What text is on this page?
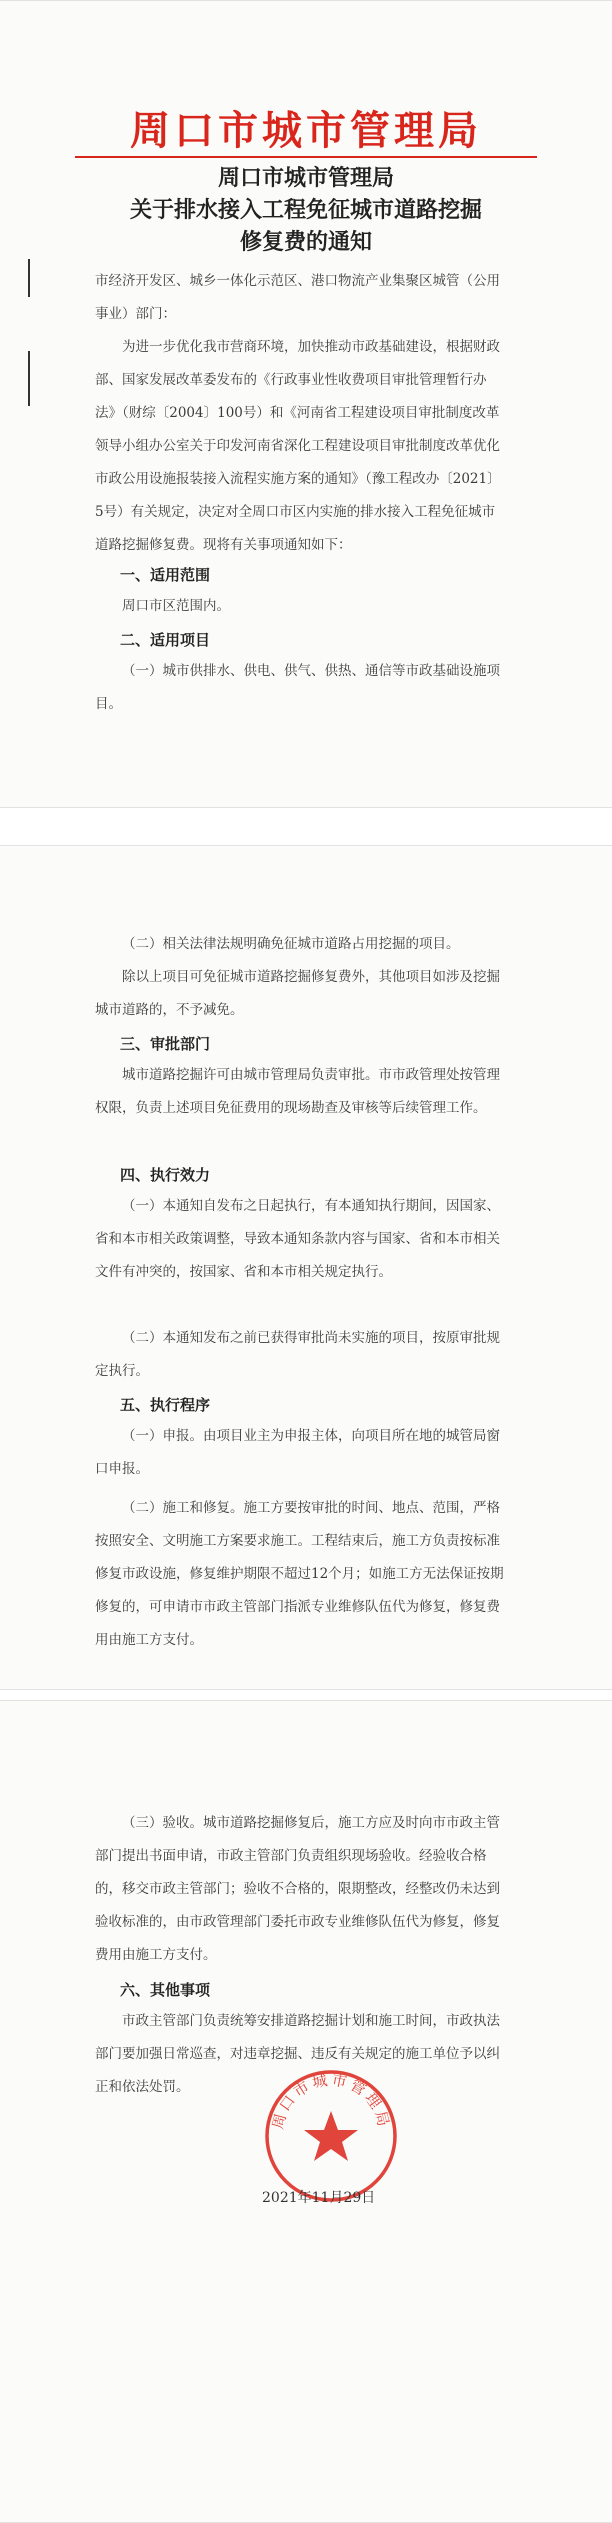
周口市城市管理局
周口市城市管理局
关于排水接入工程免征城市道路挖掘
修复费的通知

市经济开发区、城乡一体化示范区、港口物流产业集聚区城管（公用事业）部门：

为进一步优化我市营商环境，加快推动市政基础建设，根据财政部、国家发展改革委发布的《行政事业性收费项目审批管理暂行办法》（财综〔2004〕100号）和《河南省工程建设项目审批制度改革领导小组办公室关于印发河南省深化工程建设项目审批制度改革优化市政公用设施报装接入流程实施方案的通知》（豫工程改办〔2021〕5号）有关规定，决定对全周口市区内实施的排水接入工程免征城市道路挖掘修复费。现将有关事项通知如下：

一、适用范围

周口市区范围内。

二、适用项目

（一）城市供排水、供电、供气、供热、通信等市政基础设施项目。

（二）相关法律法规明确免征城市道路占用挖掘的项目。

除以上项目可免征城市道路挖掘修复费外，其他项目如涉及挖掘城市道路的，不予减免。

三、审批部门

城市道路挖掘许可由城市管理局负责审批。市市政管理处按管理权限，负责上述项目免征费用的现场勘查及审核等后续管理工作。

四、执行效力

（一）本通知自发布之日起执行，有本通知执行期间，因国家、省和本市相关政策调整，导致本通知条款内容与国家、省和本市相关文件有冲突的，按国家、省和本市相关规定执行。

（二）本通知发布之前已获得审批尚未实施的项目，按原审批规定执行。

五、执行程序

（一）申报。由项目业主为申报主体，向项目所在地的城管局窗口申报。

（二）施工和修复。施工方要按审批的时间、地点、范围，严格按照安全、文明施工方案要求施工。工程结束后，施工方负责按标准修复市政设施，修复维护期限不超过12个月；如施工方无法保证按期修复的，可申请市市政主管部门指派专业维修队伍代为修复，修复费用由施工方支付。

（三）验收。城市道路挖掘修复后，施工方应及时向市市政主管部门提出书面申请，市政主管部门负责组织现场验收。经验收合格的，移交市政主管部门；验收不合格的，限期整改，经整改仍未达到验收标准的，由市政管理部门委托市政专业维修队伍代为修复，修复费用由施工方支付。

六、其他事项

市政主管部门负责统筹安排道路挖掘计划和施工时间，市政执法部门要加强日常巡查，对违章挖掘、违反有关规定的施工单位予以纠正和依法处罚。

周口市城市管理局
2021年11月29日
